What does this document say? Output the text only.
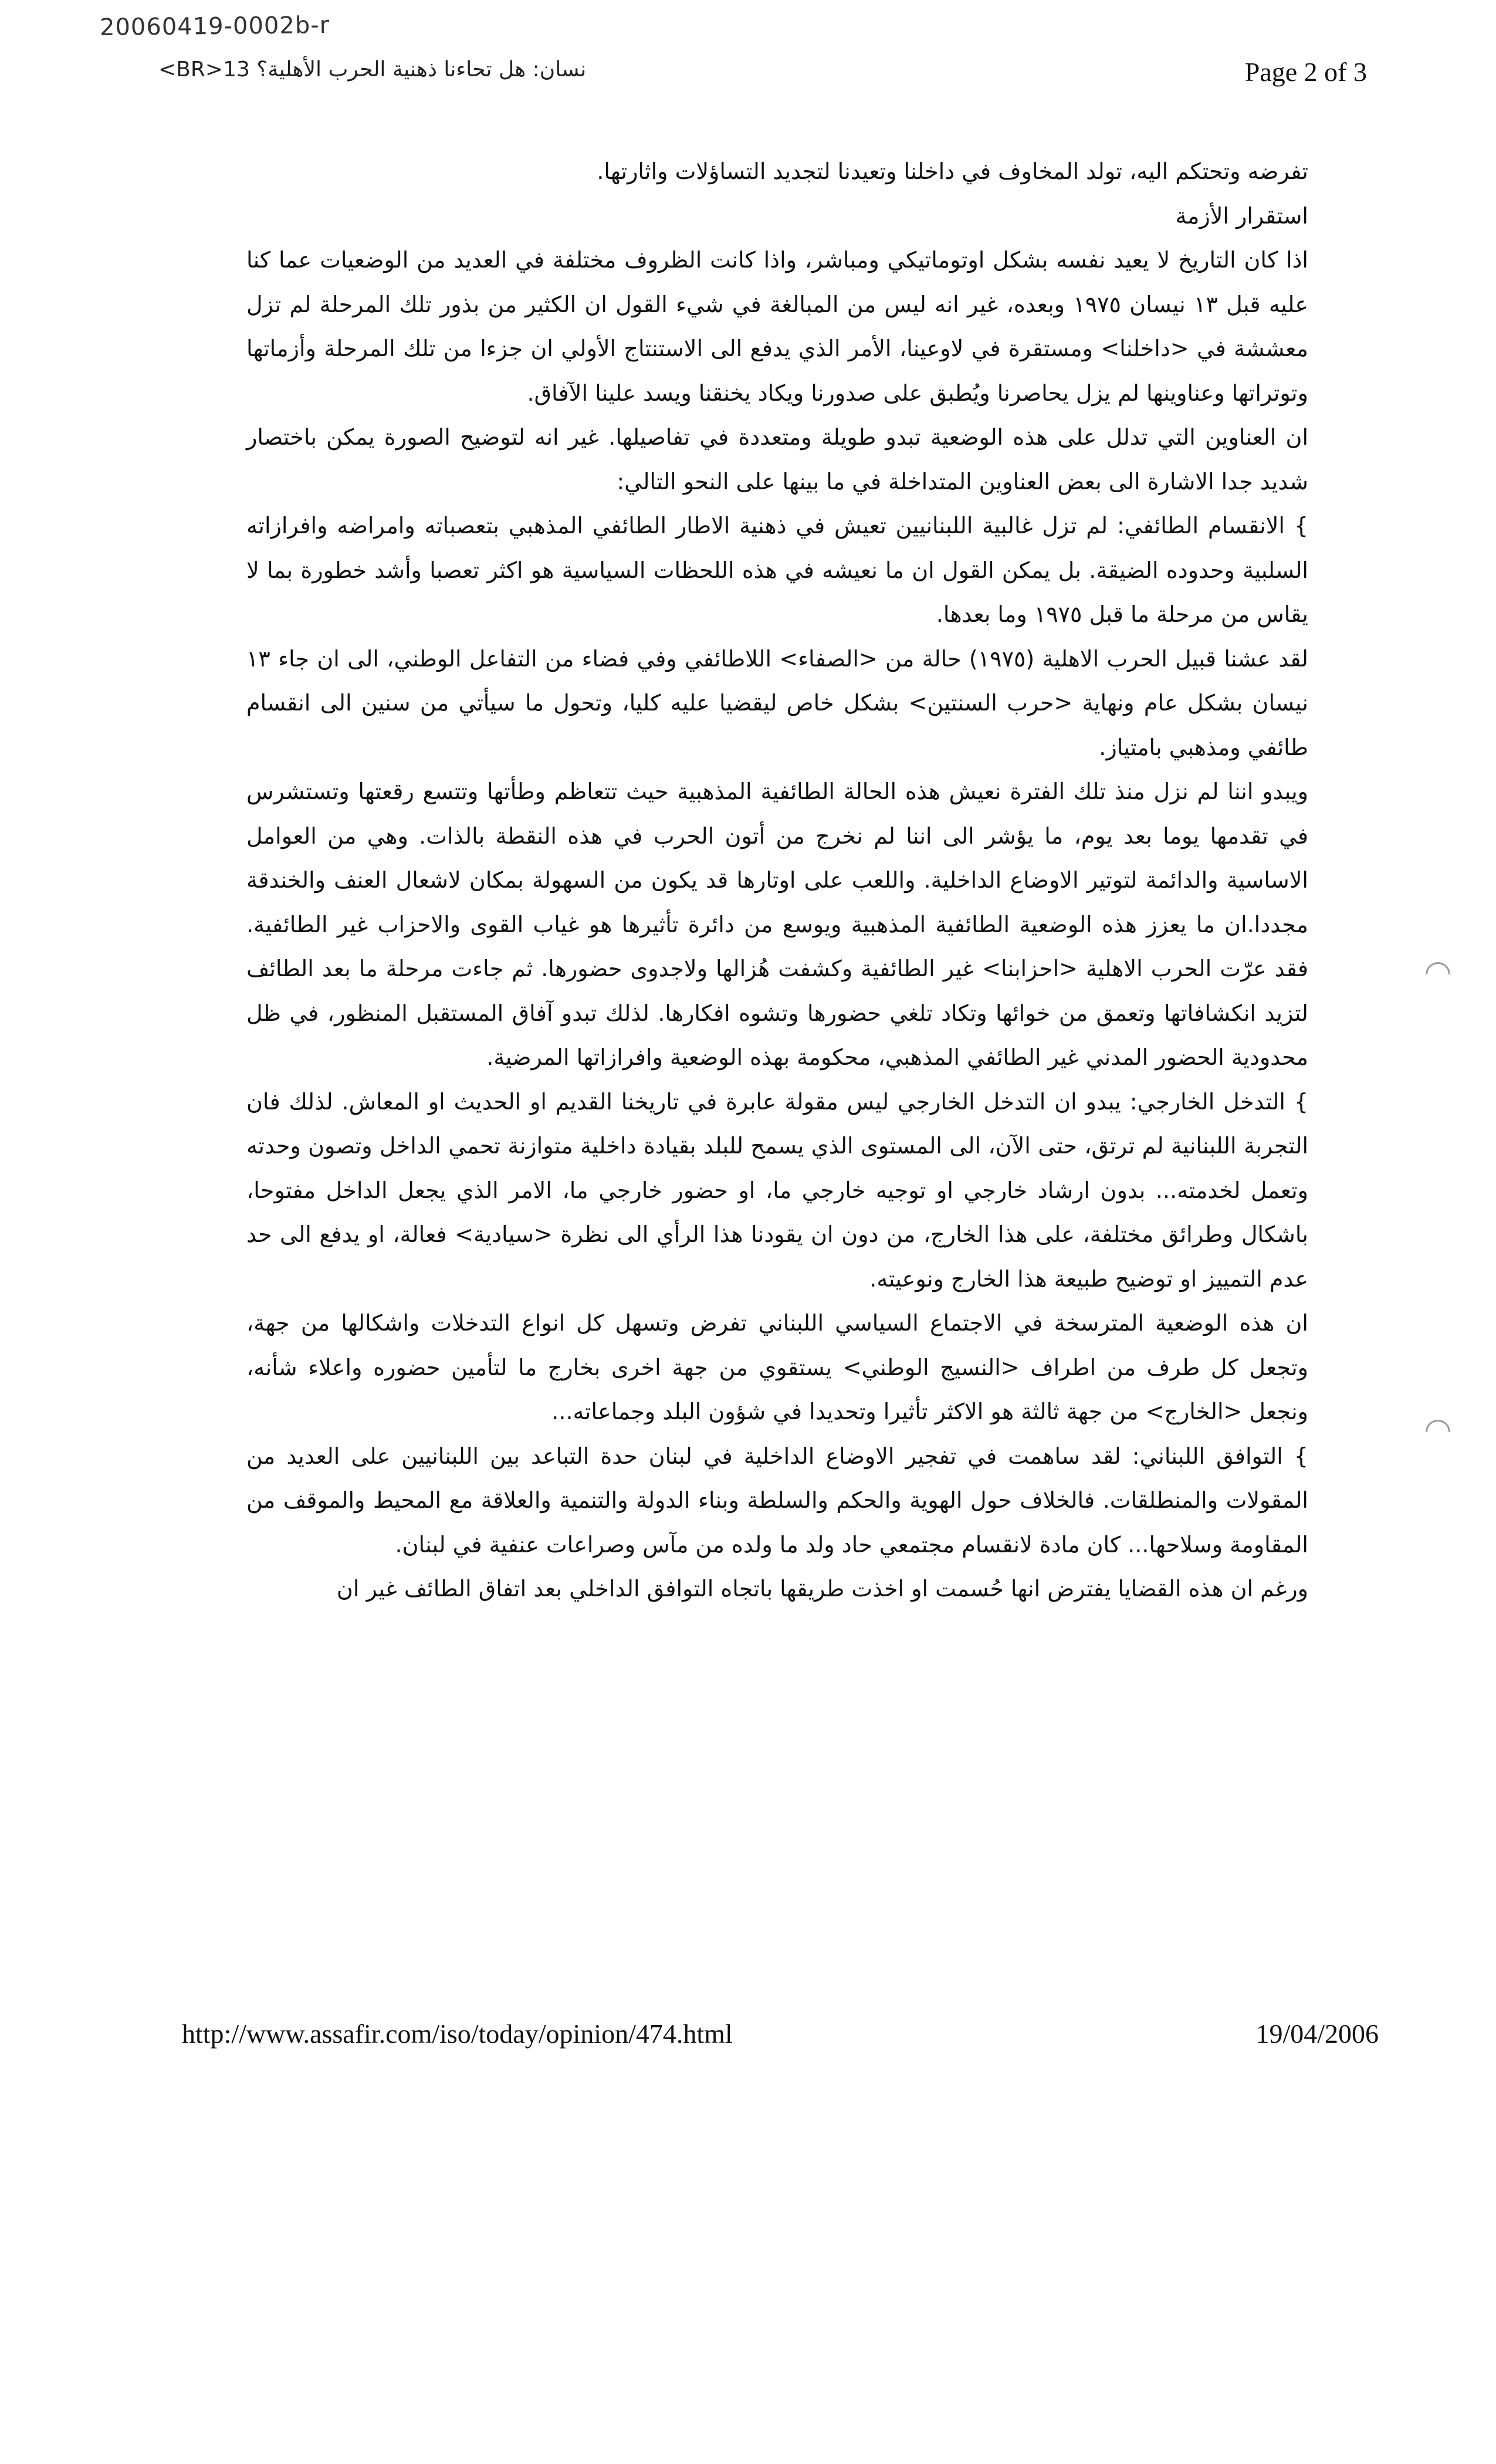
20060419-0002b-r
نسان: هل تحاءنا ذهنية الحرب الأهلية؟ 13<BR>	Page 2 of 3

تفرضه وتحتكم اليه، تولد المخاوف في داخلنا وتعيدنا لتجديد التساؤلات واثارتها.

استقرار الأزمة

اذا كان التاريخ لا يعيد نفسه بشكل اوتوماتيكي ومباشر، واذا كانت الظروف مختلفة في العديد من الوضعيات عما كنا عليه قبل ١٣ نيسان ١٩٧٥ وبعده، غير انه ليس من المبالغة في شيء القول ان الكثير من بذور تلك المرحلة لم تزل معششة في <داخلنا> ومستقرة في لاوعينا، الأمر الذي يدفع الى الاستنتاج الأولي ان جزءا من تلك المرحلة وأزماتها وتوتراتها وعناوينها لم يزل يحاصرنا ويُطبق على صدورنا ويكاد يخنقنا ويسد علينا الآفاق.

ان العناوين التي تدلل على هذه الوضعية تبدو طويلة ومتعددة في تفاصيلها. غير انه لتوضيح الصورة يمكن باختصار شديد جدا الاشارة الى بعض العناوين المتداخلة في ما بينها على النحو التالي:

} الانقسام الطائفي: لم تزل غالبية اللبنانيين تعيش في ذهنية الاطار الطائفي المذهبي بتعصباته وامراضه وافرازاته السلبية وحدوده الضيقة. بل يمكن القول ان ما نعيشه في هذه اللحظات السياسية هو اكثر تعصبا وأشد خطورة بما لا يقاس من مرحلة ما قبل ١٩٧٥ وما بعدها.

لقد عشنا قبيل الحرب الاهلية (١٩٧٥) حالة من <الصفاء> اللاطائفي وفي فضاء من التفاعل الوطني، الى ان جاء ١٣ نيسان بشكل عام ونهاية <حرب السنتين> بشكل خاص ليقضيا عليه كليا، وتحول ما سيأتي من سنين الى انقسام طائفي ومذهبي بامتياز.

ويبدو اننا لم نزل منذ تلك الفترة نعيش هذه الحالة الطائفية المذهبية حيث تتعاظم وطأتها وتتسع رقعتها وتستشرس في تقدمها يوما بعد يوم، ما يؤشر الى اننا لم نخرج من أتون الحرب في هذه النقطة بالذات. وهي من العوامل الاساسية والدائمة لتوتير الاوضاع الداخلية. واللعب على اوتارها قد يكون من السهولة بمكان لاشعال العنف والخندقة مجددا.ان ما يعزز هذه الوضعية الطائفية المذهبية ويوسع من دائرة تأثيرها هو غياب القوى والاحزاب غير الطائفية. فقد عرّت الحرب الاهلية <احزابنا> غير الطائفية وكشفت هُزالها ولاجدوى حضورها. ثم جاءت مرحلة ما بعد الطائف لتزيد انكشافاتها وتعمق من خوائها وتكاد تلغي حضورها وتشوه افكارها. لذلك تبدو آفاق المستقبل المنظور، في ظل محدودية الحضور المدني غير الطائفي المذهبي، محكومة بهذه الوضعية وافرازاتها المرضية.

} التدخل الخارجي: يبدو ان التدخل الخارجي ليس مقولة عابرة في تاريخنا القديم او الحديث او المعاش. لذلك فان التجربة اللبنانية لم ترتق، حتى الآن، الى المستوى الذي يسمح للبلد بقيادة داخلية متوازنة تحمي الداخل وتصون وحدته وتعمل لخدمته... بدون ارشاد خارجي او توجيه خارجي ما، او حضور خارجي ما، الامر الذي يجعل الداخل مفتوحا، باشكال وطرائق مختلفة، على هذا الخارج، من دون ان يقودنا هذا الرأي الى نظرة <سيادية> فعالة، او يدفع الى حد عدم التمييز او توضيح طبيعة هذا الخارج ونوعيته.

ان هذه الوضعية المترسخة في الاجتماع السياسي اللبناني تفرض وتسهل كل انواع التدخلات واشكالها من جهة، وتجعل كل طرف من اطراف <النسيج الوطني> يستقوي من جهة اخرى بخارج ما لتأمين حضوره واعلاء شأنه، ونجعل <الخارج> من جهة ثالثة هو الاكثر تأثيرا وتحديدا في شؤون البلد وجماعاته...

} التوافق اللبناني: لقد ساهمت في تفجير الاوضاع الداخلية في لبنان حدة التباعد بين اللبنانيين على العديد من المقولات والمنطلقات. فالخلاف حول الهوية والحكم والسلطة وبناء الدولة والتنمية والعلاقة مع المحيط والموقف من المقاومة وسلاحها... كان مادة لانقسام مجتمعي حاد ولد ما ولده من مآس وصراعات عنفية في لبنان.

ورغم ان هذه القضايا يفترض انها حُسمت او اخذت طريقها باتجاه التوافق الداخلي بعد اتفاق الطائف غير ان

http://www.assafir.com/iso/today/opinion/474.html	19/04/2006
